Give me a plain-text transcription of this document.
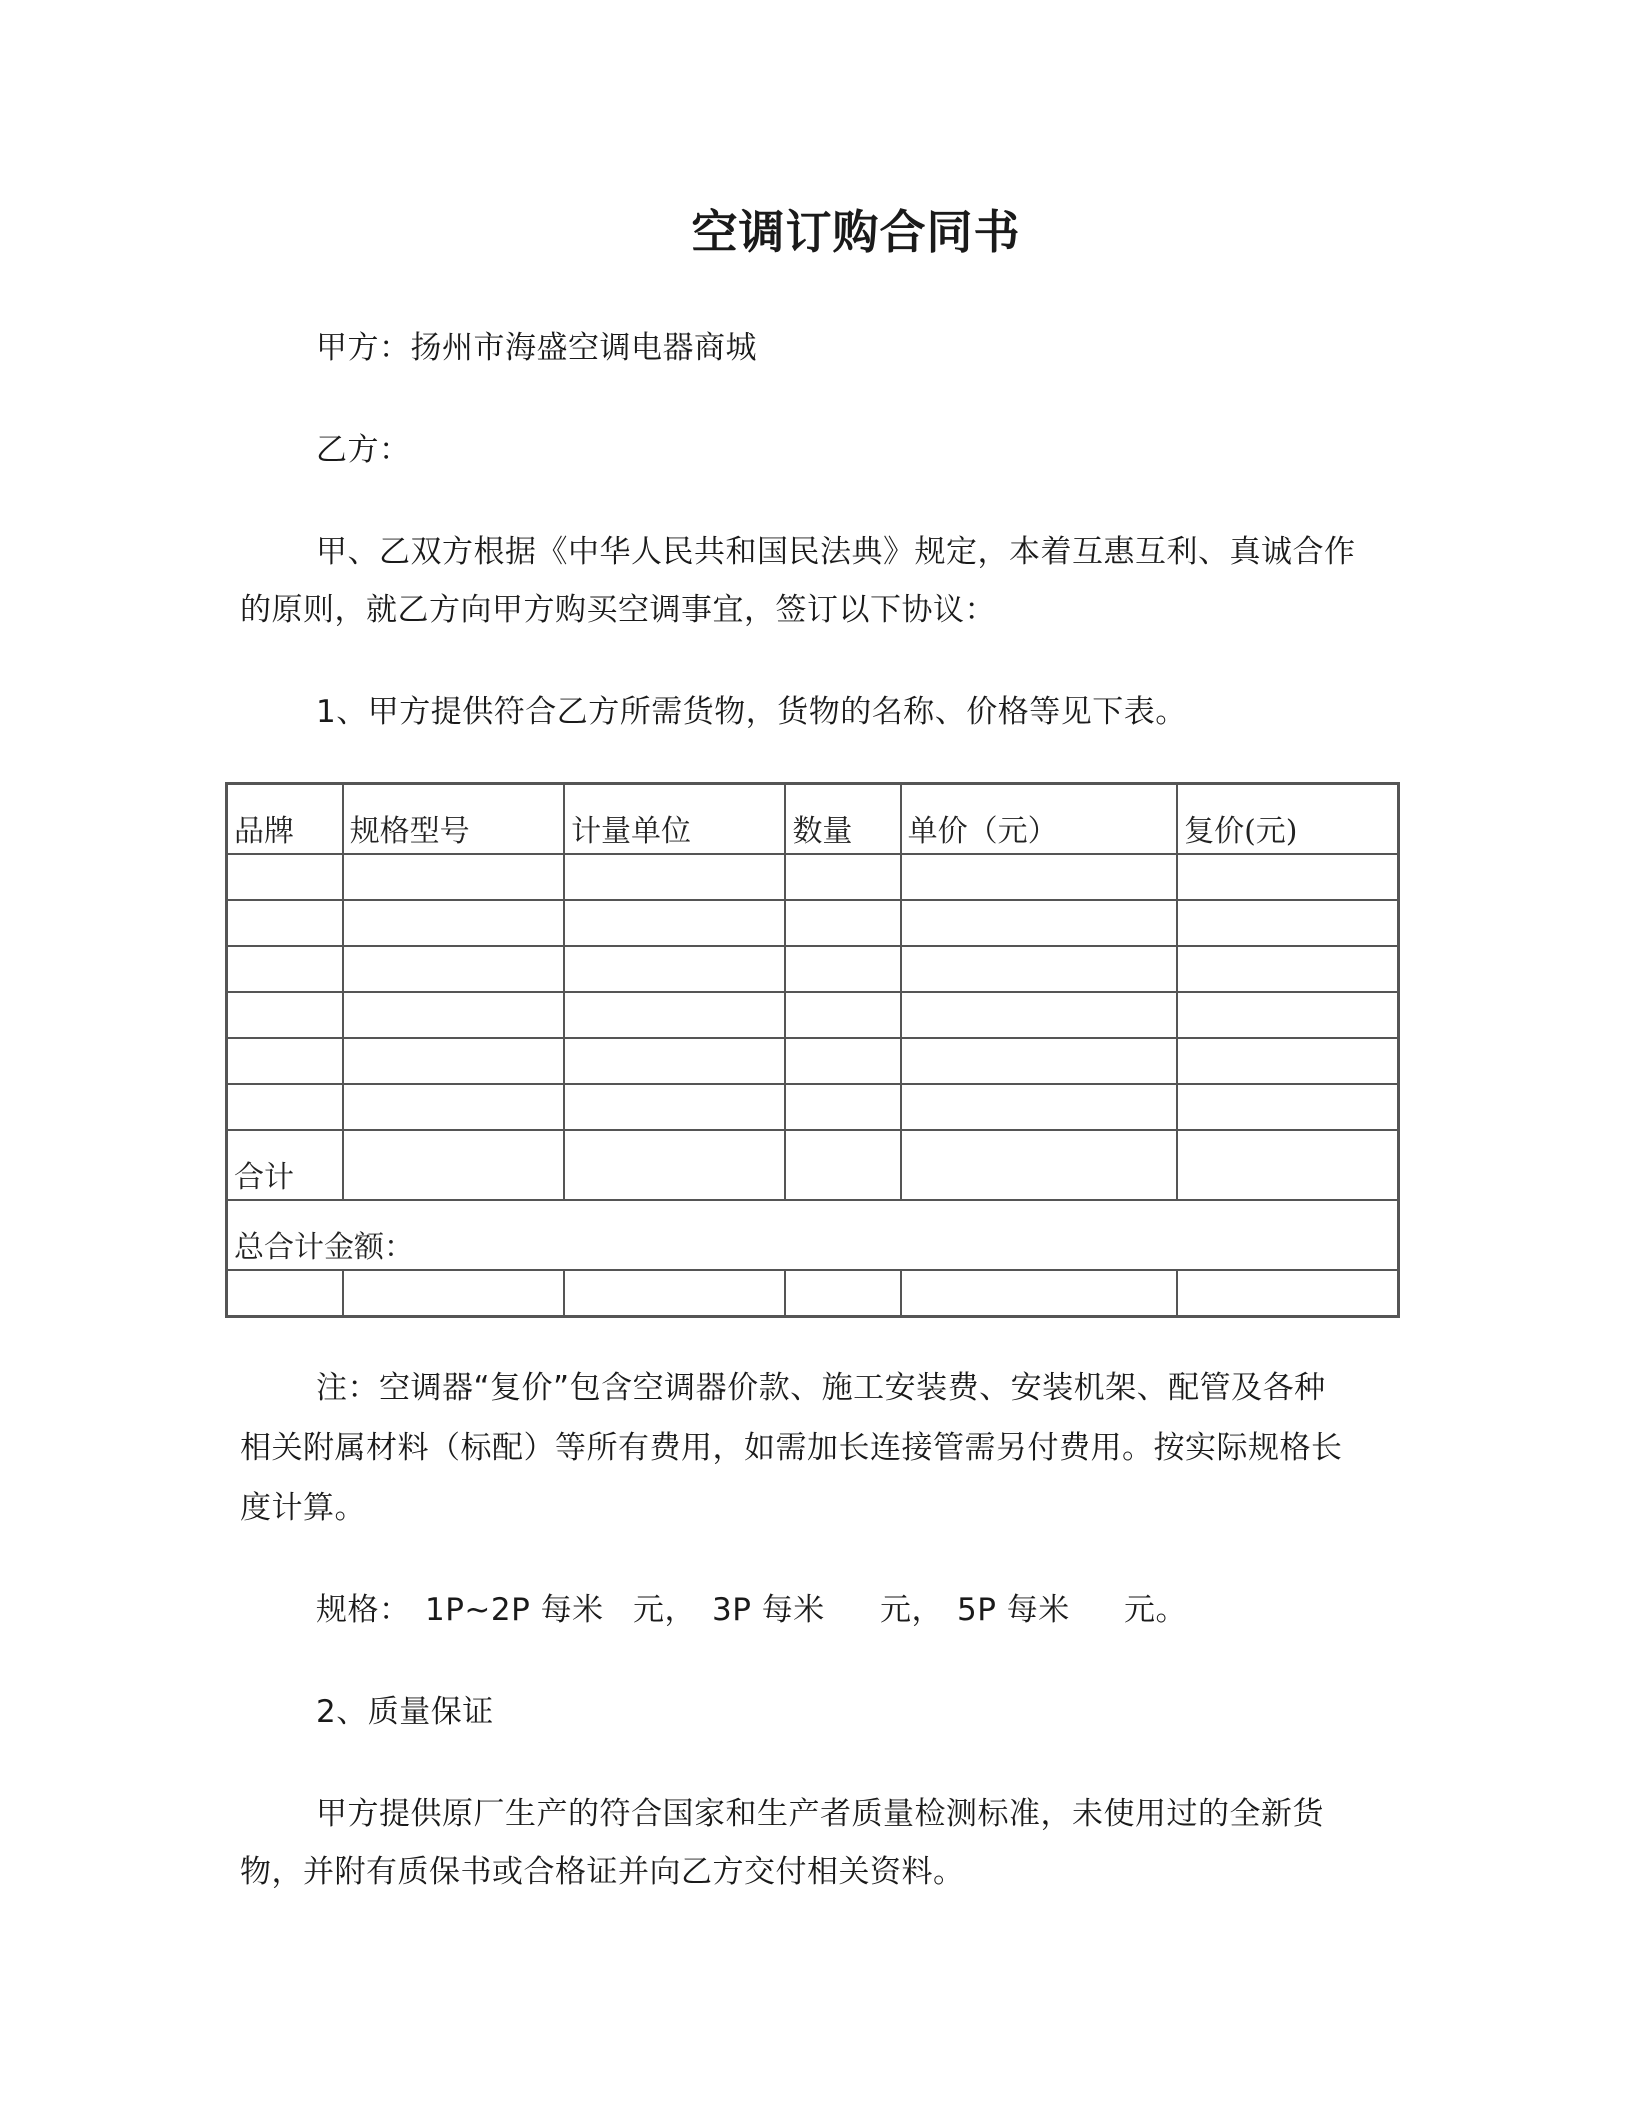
空调订购合同书
甲方：扬州市海盛空调电器商城
乙方：
甲、乙双方根据《中华人民共和国民法典》规定，本着互惠互利、真诚合作
的原则，就乙方向甲方购买空调事宜，签订以下协议：
1、甲方提供符合乙方所需货物，货物的名称、价格等见下表。
品牌	规格型号	计量单位	数量	单价（元）	复价(元)

合计					
总合计金额：					

注：空调器“复价”包含空调器价款、施工安装费、安装机架、配管及各种
相关附属材料（标配）等所有费用，如需加长连接管需另付费用。按实际规格长
度计算。
规格： 1P~2P 每米 元， 3P 每米 元， 5P 每米 元。
2、质量保证
甲方提供原厂生产的符合国家和生产者质量检测标准，未使用过的全新货
物，并附有质保书或合格证并向乙方交付相关资料。
